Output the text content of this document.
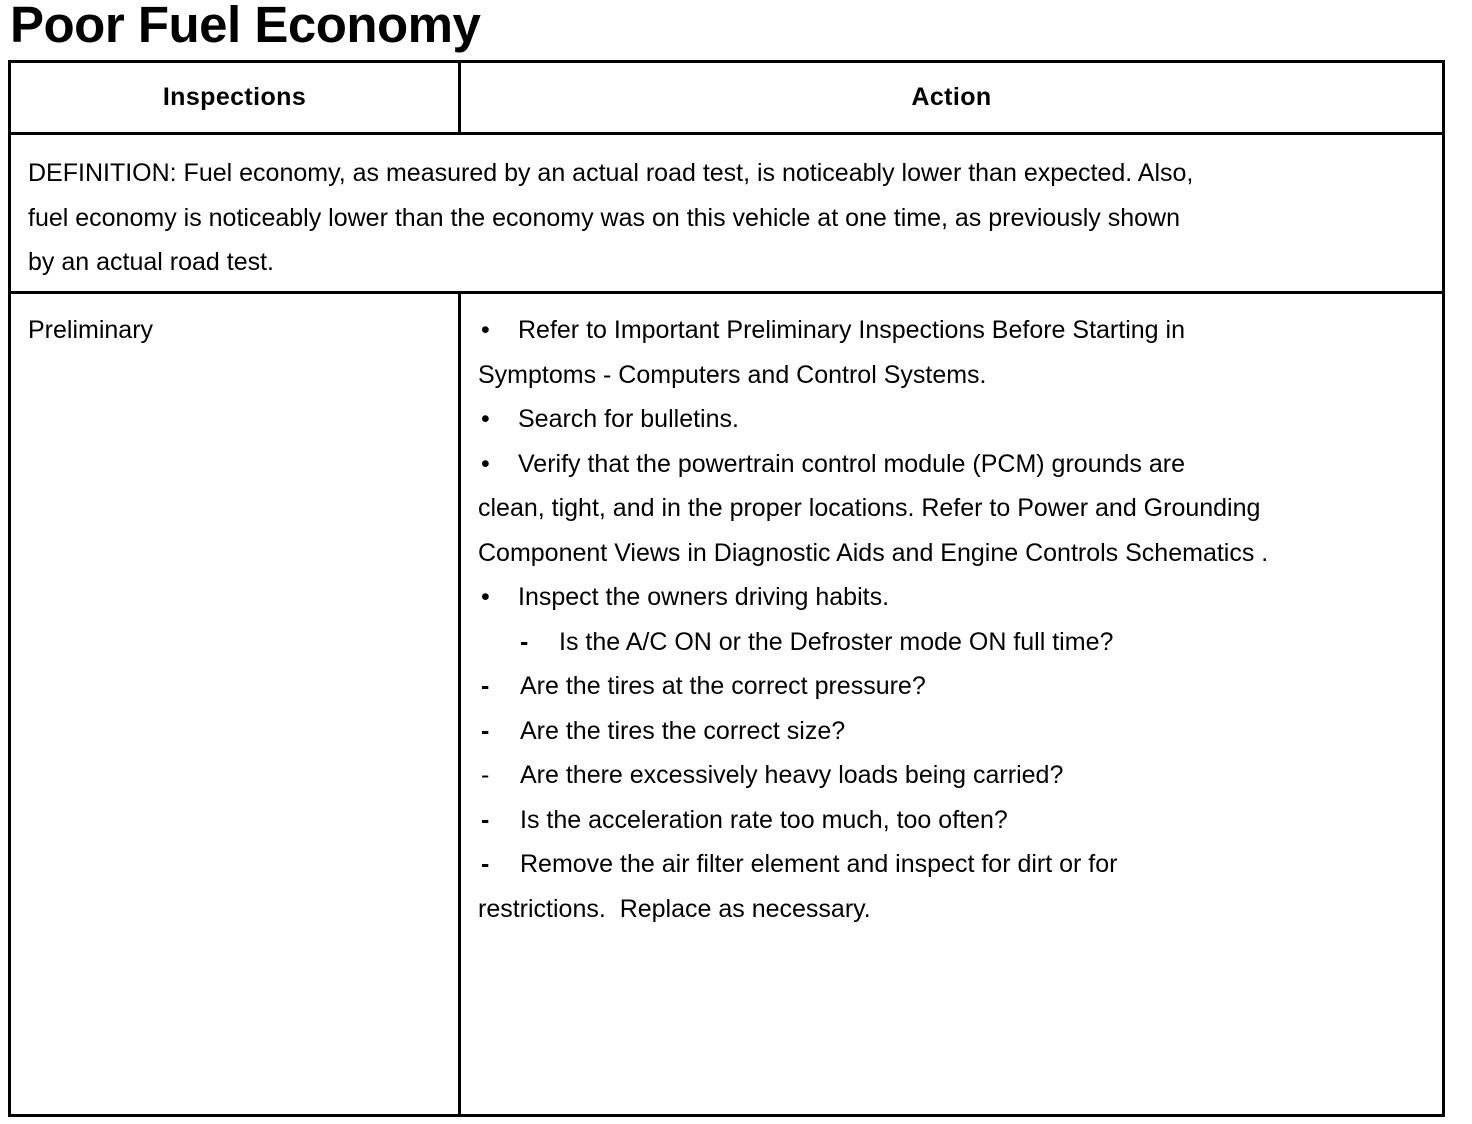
Poor Fuel Economy
Inspections	Action
DEFINITION: Fuel economy, as measured by an actual road test, is noticeably lower than expected. Also,
fuel economy is noticeably lower than the economy was on this vehicle at one time, as previously shown
by an actual road test.
Preliminary	• Refer to Important Preliminary Inspections Before Starting in
Symptoms - Computers and Control Systems.
• Search for bulletins.
• Verify that the powertrain control module (PCM) grounds are
clean, tight, and in the proper locations. Refer to Power and Grounding
Component Views in Diagnostic Aids and Engine Controls Schematics .
• Inspect the owners driving habits.
- Is the A/C ON or the Defroster mode ON full time?
- Are the tires at the correct pressure?
- Are the tires the correct size?
- Are there excessively heavy loads being carried?
- Is the acceleration rate too much, too often?
- Remove the air filter element and inspect for dirt or for
restrictions.  Replace as necessary.
